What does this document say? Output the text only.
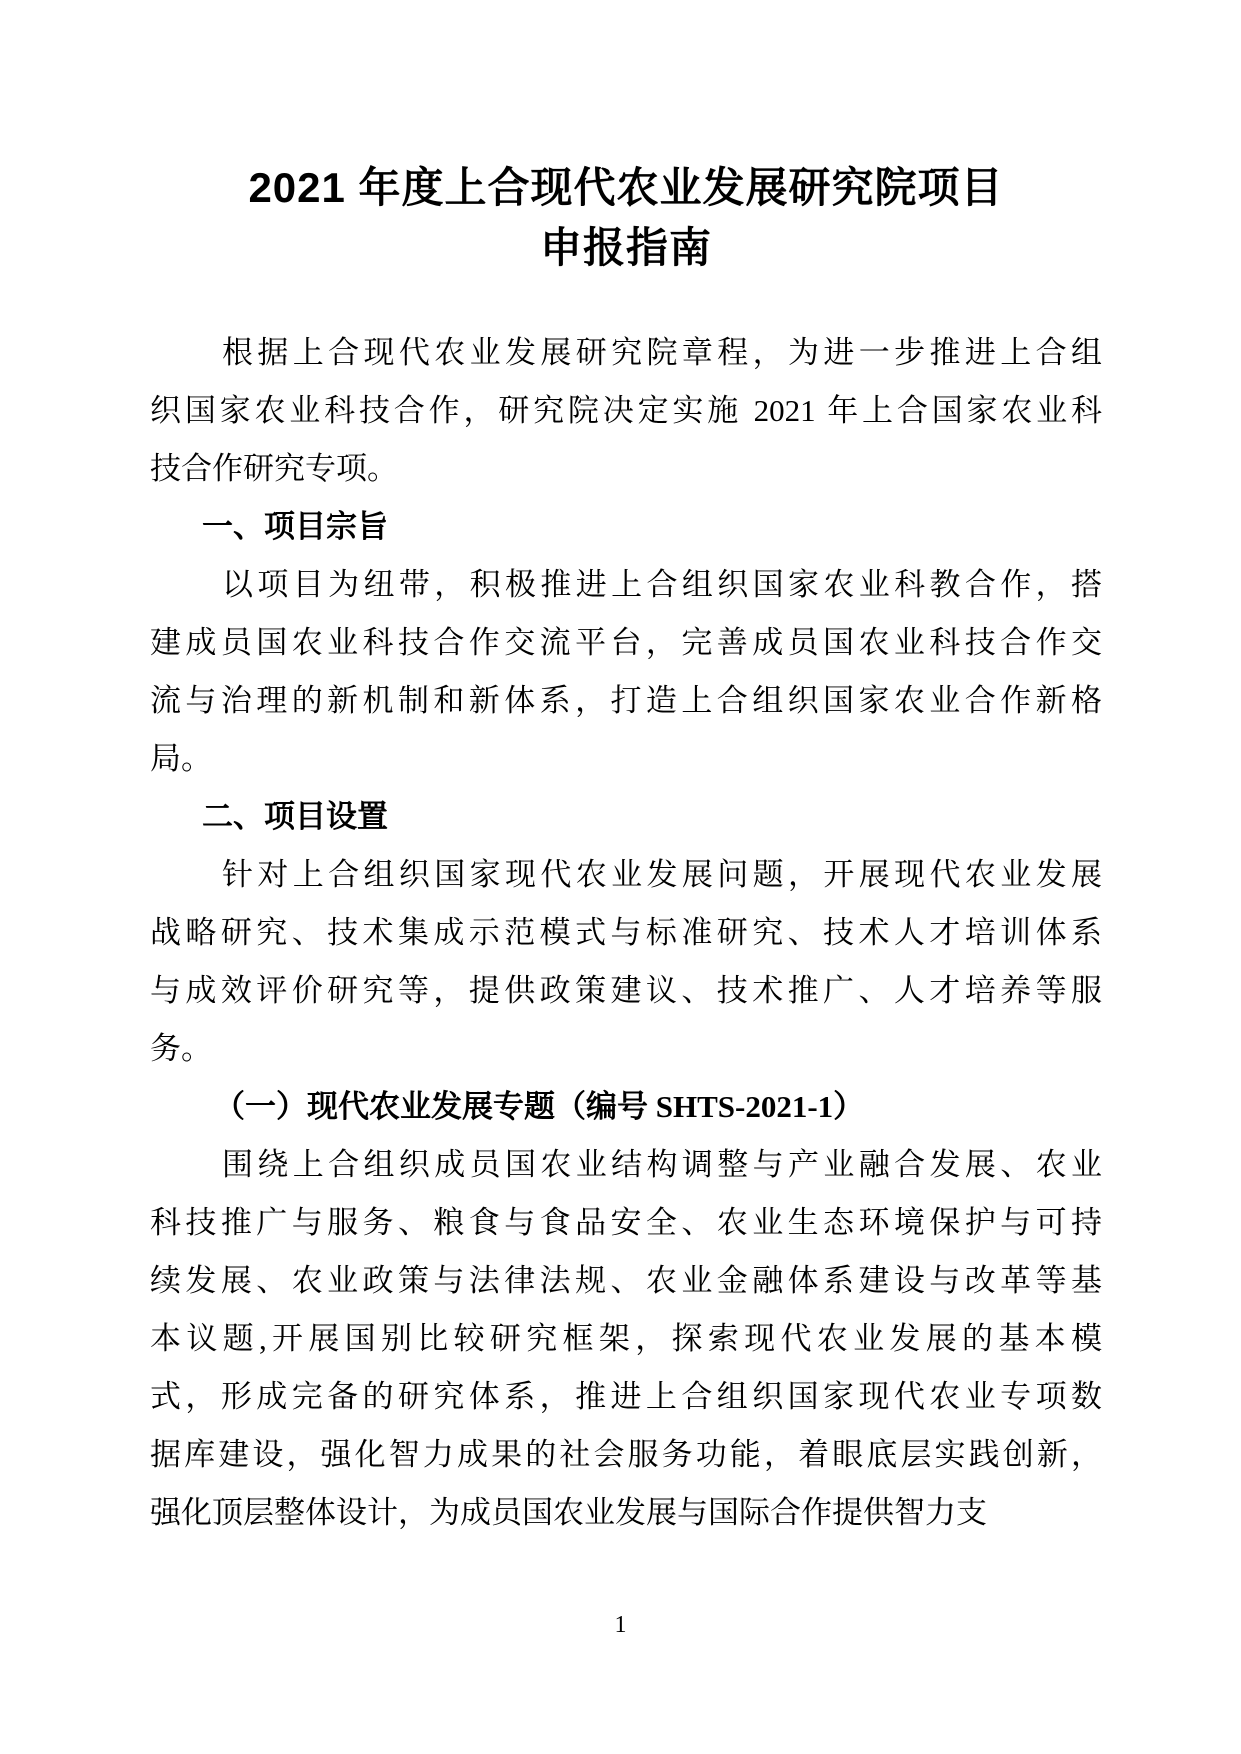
2021 年度上合现代农业发展研究院项目
申报指南
根据上合现代农业发展研究院章程，为进一步推进上合组
织国家农业科技合作，研究院决定实施 2021 年上合国家农业科
技合作研究专项。
一、项目宗旨
以项目为纽带，积极推进上合组织国家农业科教合作，搭
建成员国农业科技合作交流平台，完善成员国农业科技合作交
流与治理的新机制和新体系，打造上合组织国家农业合作新格
局。
二、项目设置
针对上合组织国家现代农业发展问题，开展现代农业发展
战略研究、技术集成示范模式与标准研究、技术人才培训体系
与成效评价研究等，提供政策建议、技术推广、人才培养等服
务。
（一）现代农业发展专题（编号 SHTS-2021-1）
围绕上合组织成员国农业结构调整与产业融合发展、农业
科技推广与服务、粮食与食品安全、农业生态环境保护与可持
续发展、农业政策与法律法规、农业金融体系建设与改革等基
本议题,开展国别比较研究框架，探索现代农业发展的基本模
式，形成完备的研究体系，推进上合组织国家现代农业专项数
据库建设，强化智力成果的社会服务功能，着眼底层实践创新，
强化顶层整体设计，为成员国农业发展与国际合作提供智力支
1
